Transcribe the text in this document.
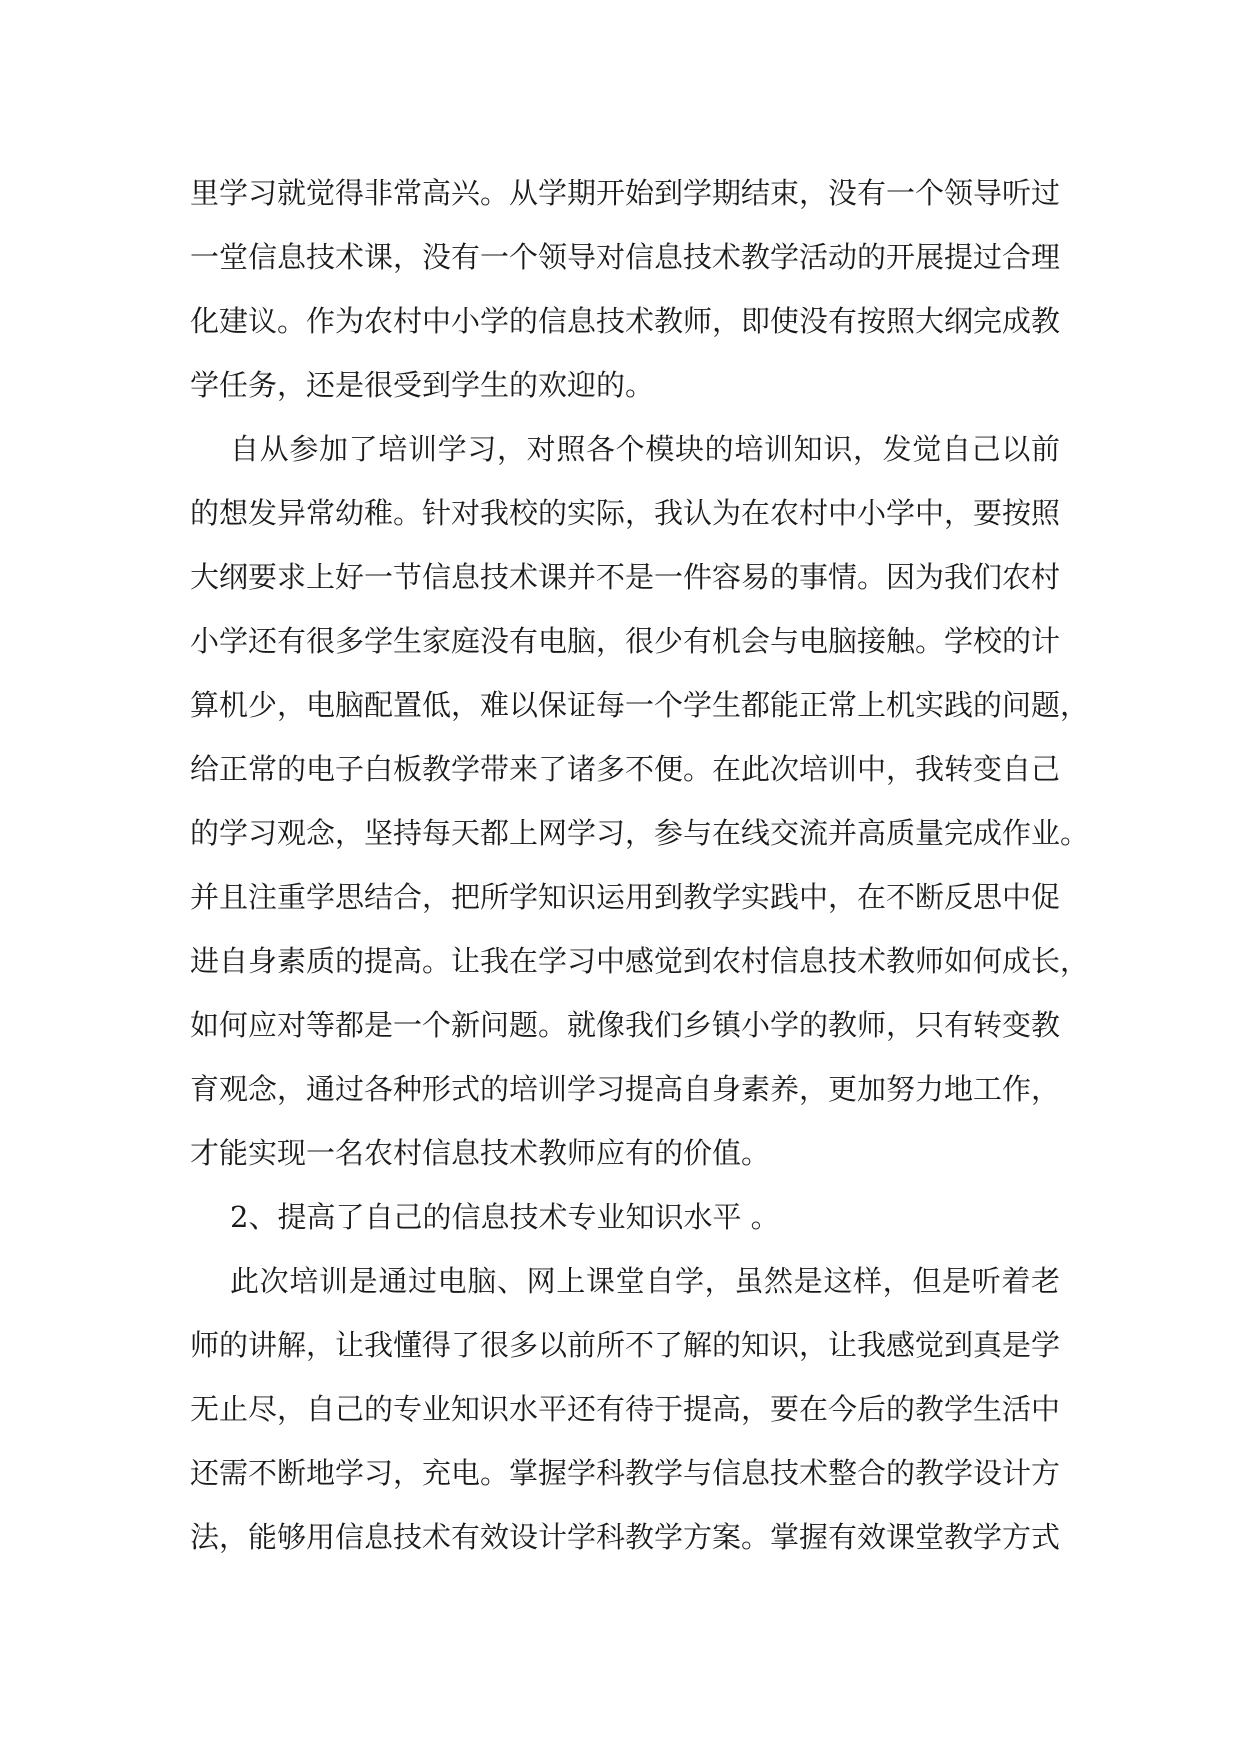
里学习就觉得非常高兴。从学期开始到学期结束，没有一个领导听过
一堂信息技术课，没有一个领导对信息技术教学活动的开展提过合理
化建议。作为农村中小学的信息技术教师，即使没有按照大纲完成教
学任务，还是很受到学生的欢迎的。
自从参加了培训学习，对照各个模块的培训知识，发觉自己以前
的想发异常幼稚。针对我校的实际，我认为在农村中小学中，要按照
大纲要求上好一节信息技术课并不是一件容易的事情。因为我们农村
小学还有很多学生家庭没有电脑，很少有机会与电脑接触。学校的计
算机少，电脑配置低，难以保证每一个学生都能正常上机实践的问题，
给正常的电子白板教学带来了诸多不便。在此次培训中，我转变自己
的学习观念，坚持每天都上网学习，参与在线交流并高质量完成作业。
并且注重学思结合，把所学知识运用到教学实践中，在不断反思中促
进自身素质的提高。让我在学习中感觉到农村信息技术教师如何成长，
如何应对等都是一个新问题。就像我们乡镇小学的教师，只有转变教
育观念，通过各种形式的培训学习提高自身素养，更加努力地工作，
才能实现一名农村信息技术教师应有的价值。
2、提高了自己的信息技术专业知识水平 。
此次培训是通过电脑、网上课堂自学，虽然是这样，但是听着老
师的讲解，让我懂得了很多以前所不了解的知识，让我感觉到真是学
无止尽，自己的专业知识水平还有待于提高，要在今后的教学生活中
还需不断地学习，充电。掌握学科教学与信息技术整合的教学设计方
法，能够用信息技术有效设计学科教学方案。掌握有效课堂教学方式
